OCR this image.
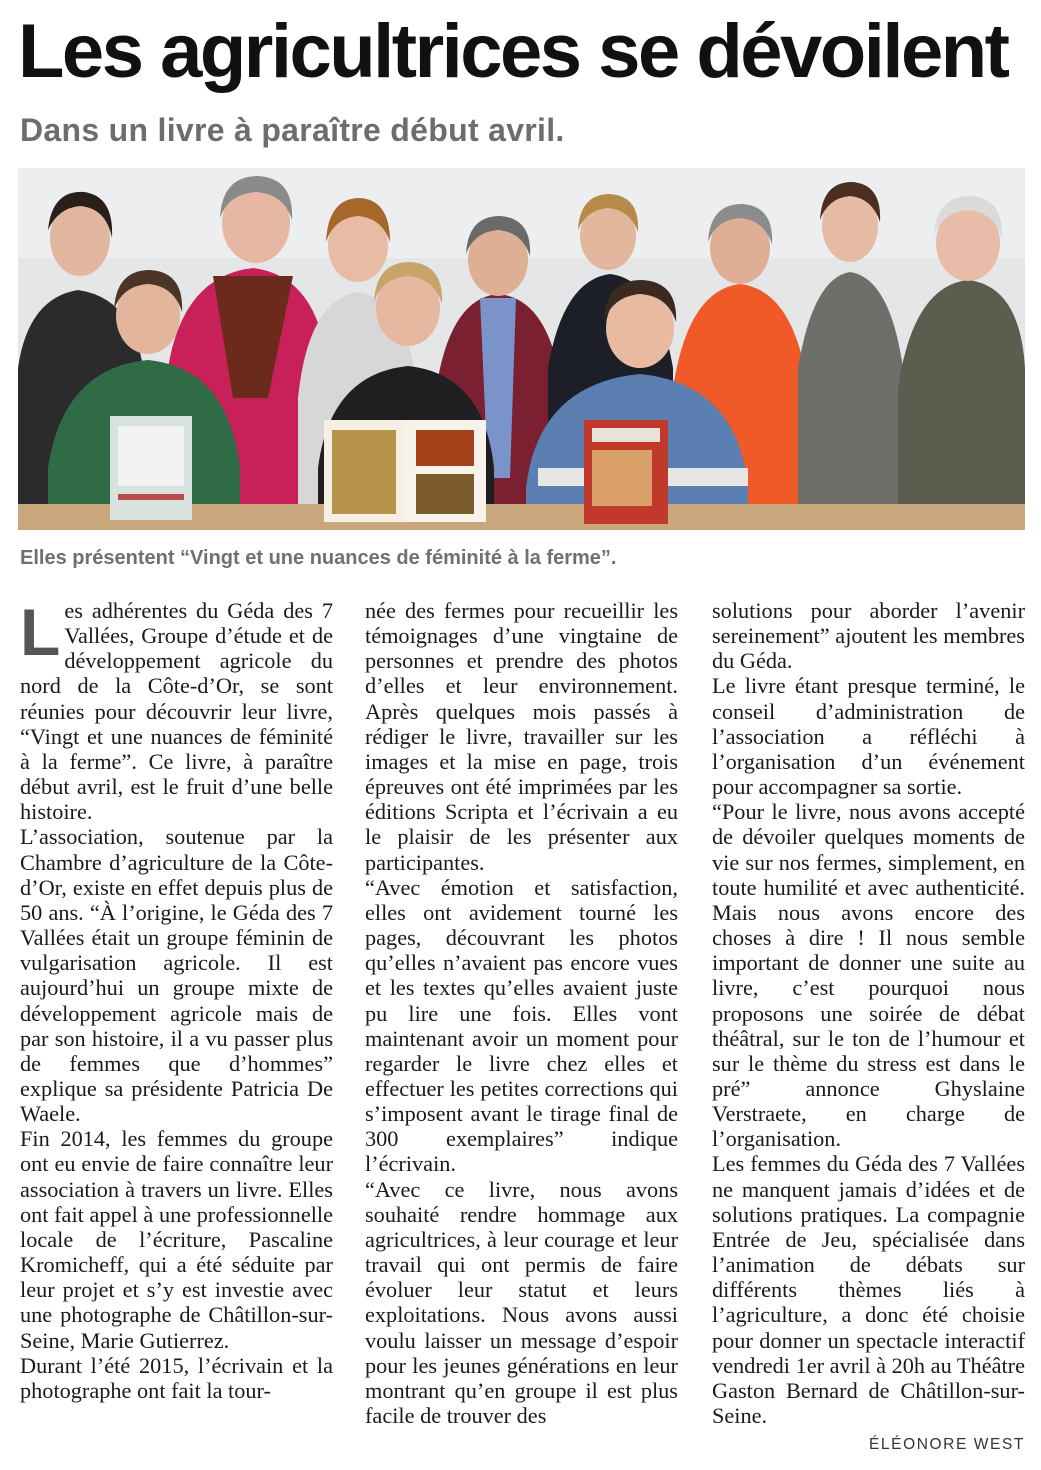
Les agricultrices se dévoilent
Dans un livre à paraître début avril.

Elles présentent “Vingt et une nuances de féminité à la ferme”.

Les adhérentes du Géda des 7 Vallées, Groupe d’étude et de développement agricole du nord de la Côte-d’Or, se sont réunies pour découvrir leur livre, “Vingt et une nuances de féminité à la ferme”. Ce livre, à paraître début avril, est le fruit d’une belle histoire.

L’association, soutenue par la Chambre d’agriculture de la Côte-d’Or, existe en effet depuis plus de 50 ans. “À l’origine, le Géda des 7 Vallées était un groupe féminin de vulgarisation agricole. Il est aujourd’hui un groupe mixte de développement agricole mais de par son histoire, il a vu passer plus de femmes que d’hommes” explique sa présidente Patricia De Waele.

Fin 2014, les femmes du groupe ont eu envie de faire connaître leur association à travers un livre. Elles ont fait appel à une professionnelle locale de l’écriture, Pascaline Kromicheff, qui a été séduite par leur projet et s’y est investie avec une photographe de Châtillon-sur-Seine, Marie Gutierrez.

Durant l’été 2015, l’écrivain et la photographe ont fait la tour-

née des fermes pour recueillir les témoignages d’une vingtaine de personnes et prendre des photos d’elles et leur environnement. Après quelques mois passés à rédiger le livre, travailler sur les images et la mise en page, trois épreuves ont été imprimées par les éditions Scripta et l’écrivain a eu le plaisir de les présenter aux participantes.

“Avec émotion et satisfaction, elles ont avidement tourné les pages, découvrant les photos qu’elles n’avaient pas encore vues et les textes qu’elles avaient juste pu lire une fois. Elles vont maintenant avoir un moment pour regarder le livre chez elles et effectuer les petites corrections qui s’imposent avant le tirage final de 300 exemplaires” indique l’écrivain.

“Avec ce livre, nous avons souhaité rendre hommage aux agricultrices, à leur courage et leur travail qui ont permis de faire évoluer leur statut et leurs exploitations. Nous avons aussi voulu laisser un message d’espoir pour les jeunes générations en leur montrant qu’en groupe il est plus facile de trouver des

solutions pour aborder l’avenir sereinement” ajoutent les membres du Géda.

Le livre étant presque terminé, le conseil d’administration de l’association a réfléchi à l’organisation d’un événement pour accompagner sa sortie.

“Pour le livre, nous avons accepté de dévoiler quelques moments de vie sur nos fermes, simplement, en toute humilité et avec authenticité. Mais nous avons encore des choses à dire ! Il nous semble important de donner une suite au livre, c’est pourquoi nous proposons une soirée de débat théâtral, sur le ton de l’humour et sur le thème du stress est dans le pré” annonce Ghyslaine Verstraete, en charge de l’organisation.

Les femmes du Géda des 7 Vallées ne manquent jamais d’idées et de solutions pratiques. La compagnie Entrée de Jeu, spécialisée dans l’animation de débats sur différents thèmes liés à l’agriculture, a donc été choisie pour donner un spectacle interactif vendredi 1er avril à 20h au Théâtre Gaston Bernard de Châtillon-sur-Seine.

ÉLÉONORE WEST
